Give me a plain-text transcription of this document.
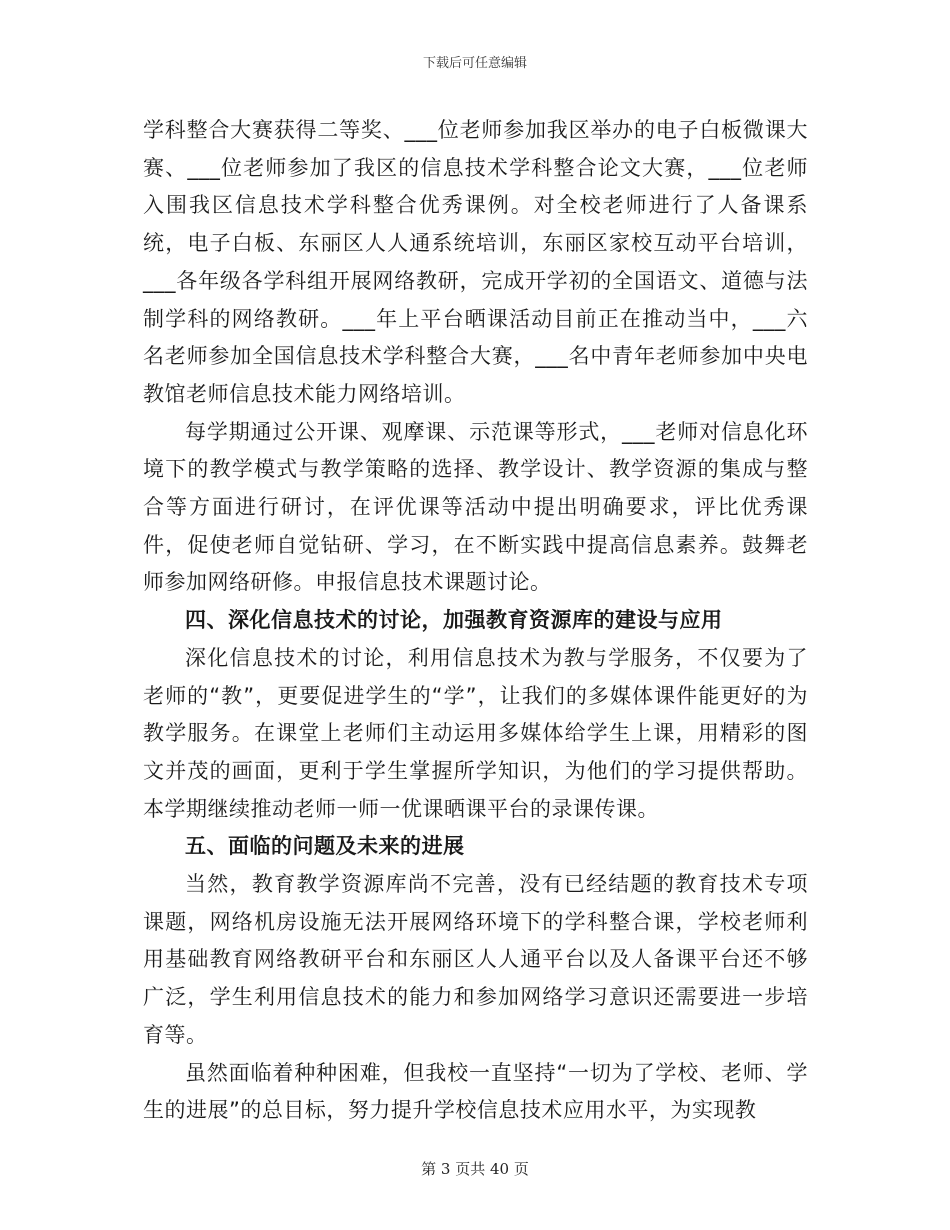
下载后可任意编辑

学科整合大赛获得二等奖、___位老师参加我区举办的电子白板微课大赛、___位老师参加了我区的信息技术学科整合论文大赛，___位老师入围我区信息技术学科整合优秀课例。对全校老师进行了人备课系统，电子白板、东丽区人人通系统培训，东丽区家校互动平台培训，___各年级各学科组开展网络教研，完成开学初的全国语文、道德与法制学科的网络教研。___年上平台晒课活动目前正在推动当中，___六名老师参加全国信息技术学科整合大赛，___名中青年老师参加中央电教馆老师信息技术能力网络培训。

每学期通过公开课、观摩课、示范课等形式，___老师对信息化环境下的教学模式与教学策略的选择、教学设计、教学资源的集成与整合等方面进行研讨，在评优课等活动中提出明确要求，评比优秀课件，促使老师自觉钻研、学习，在不断实践中提高信息素养。鼓舞老师参加网络研修。申报信息技术课题讨论。

四、深化信息技术的讨论，加强教育资源库的建设与应用

深化信息技术的讨论，利用信息技术为教与学服务，不仅要为了老师的“教”，更要促进学生的“学”，让我们的多媒体课件能更好的为教学服务。在课堂上老师们主动运用多媒体给学生上课，用精彩的图文并茂的画面，更利于学生掌握所学知识，为他们的学习提供帮助。本学期继续推动老师一师一优课晒课平台的录课传课。

五、面临的问题及未来的进展

当然，教育教学资源库尚不完善，没有已经结题的教育技术专项课题，网络机房设施无法开展网络环境下的学科整合课，学校老师利用基础教育网络教研平台和东丽区人人通平台以及人备课平台还不够广泛，学生利用信息技术的能力和参加网络学习意识还需要进一步培育等。

虽然面临着种种困难，但我校一直坚持“一切为了学校、老师、学生的进展”的总目标，努力提升学校信息技术应用水平，为实现教

第 3 页共 40 页
